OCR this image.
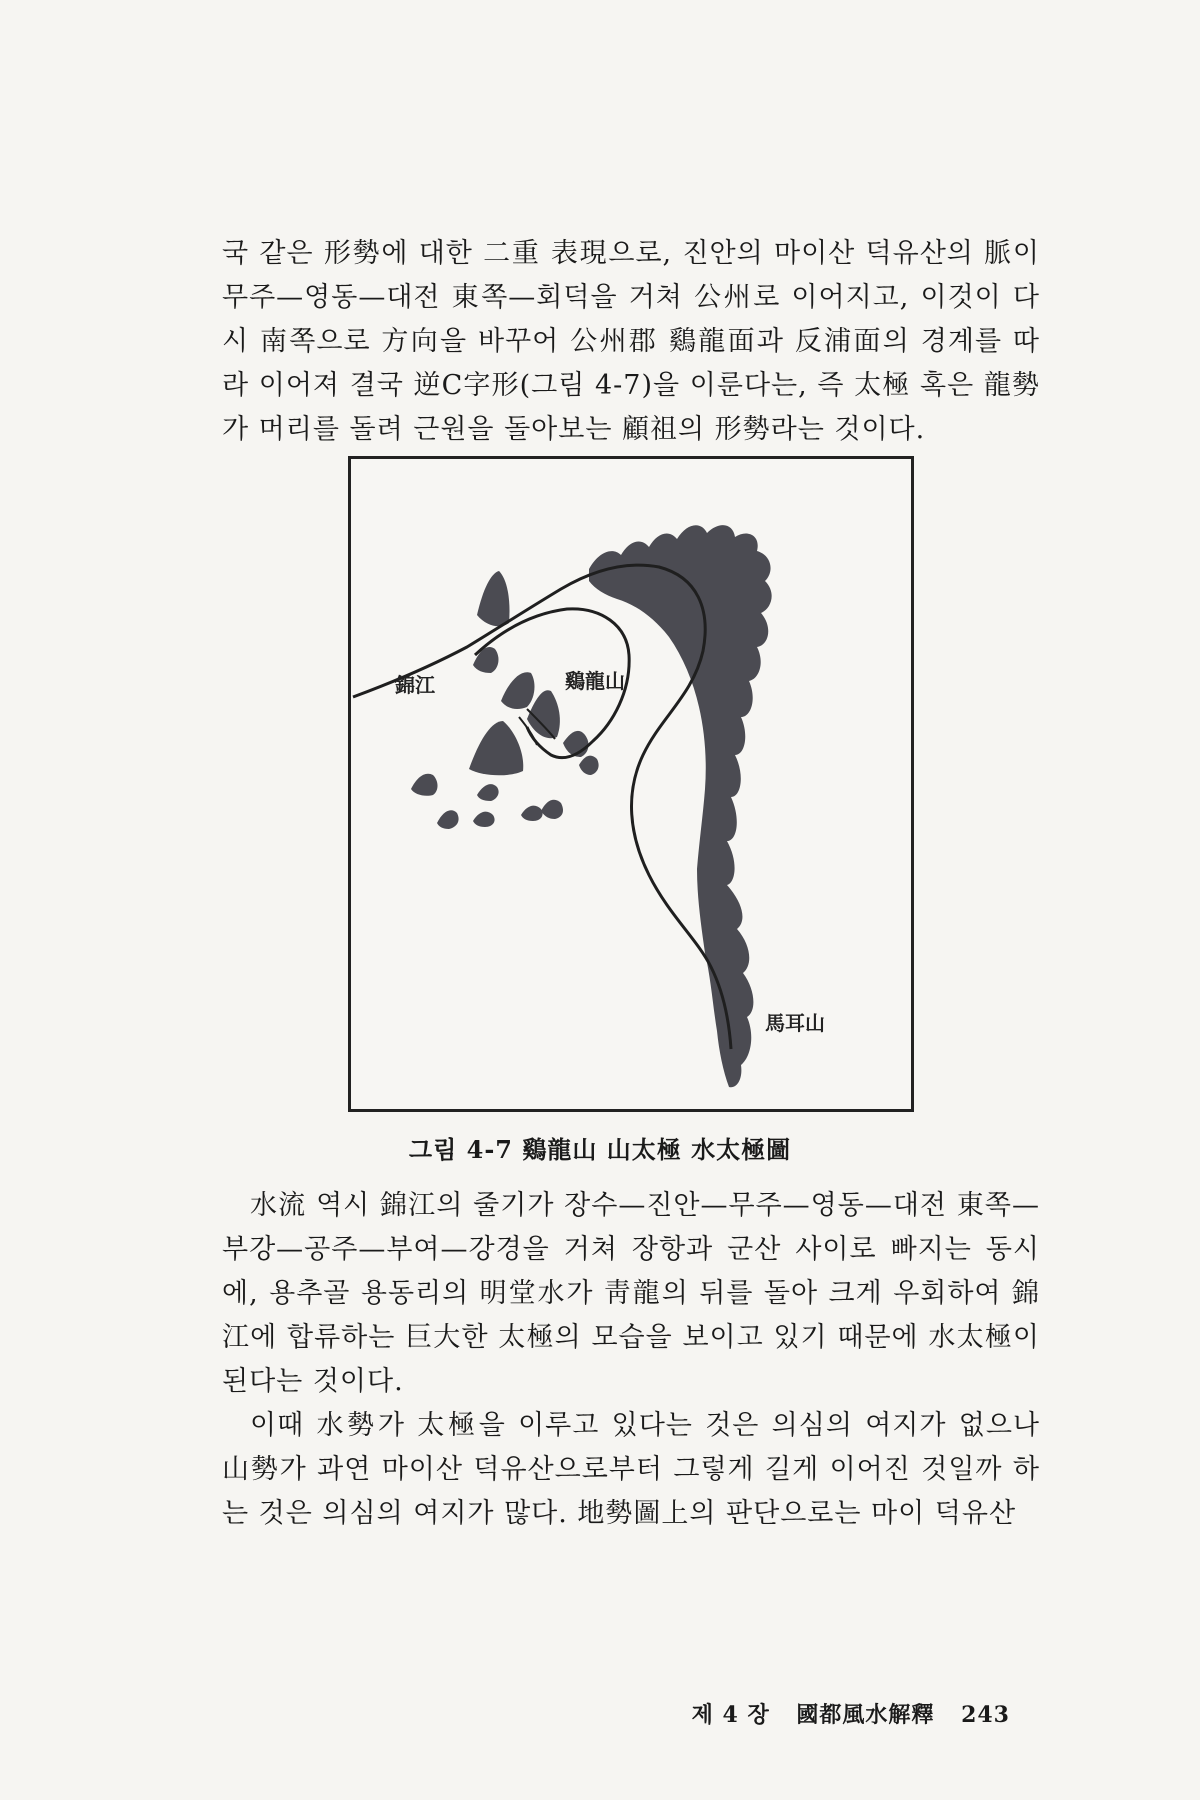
국 같은 形勢에 대한 二重 表現으로, 진안의 마이산 덕유산의 脈이 무주—영동—대전 東쪽—회덕을 거쳐 公州로 이어지고, 이것이 다시 南쪽으로 方向을 바꾸어 公州郡 鷄龍面과 反浦面의 경계를 따라 이어져 결국 逆C字形(그림 4-7)을 이룬다는, 즉 太極 혹은 龍勢가 머리를 돌려 근원을 돌아보는 顧祖의 形勢라는 것이다.

錦江	鷄龍山
馬耳山
그림 4-7 鷄龍山 山太極 水太極圖

水流 역시 錦江의 줄기가 장수—진안—무주—영동—대전 東쪽—부강—공주—부여—강경을 거쳐 장항과 군산 사이로 빠지는 동시에, 용추골 용동리의 明堂水가 靑龍의 뒤를 돌아 크게 우회하여 錦江에 합류하는 巨大한 太極의 모습을 보이고 있기 때문에 水太極이 된다는 것이다.

이때 水勢가 太極을 이루고 있다는 것은 의심의 여지가 없으나 山勢가 과연 마이산 덕유산으로부터 그렇게 길게 이어진 것일까 하는 것은 의심의 여지가 많다. 地勢圖上의 판단으로는 마이 덕유산

제 4 장 國都風水解釋 243
